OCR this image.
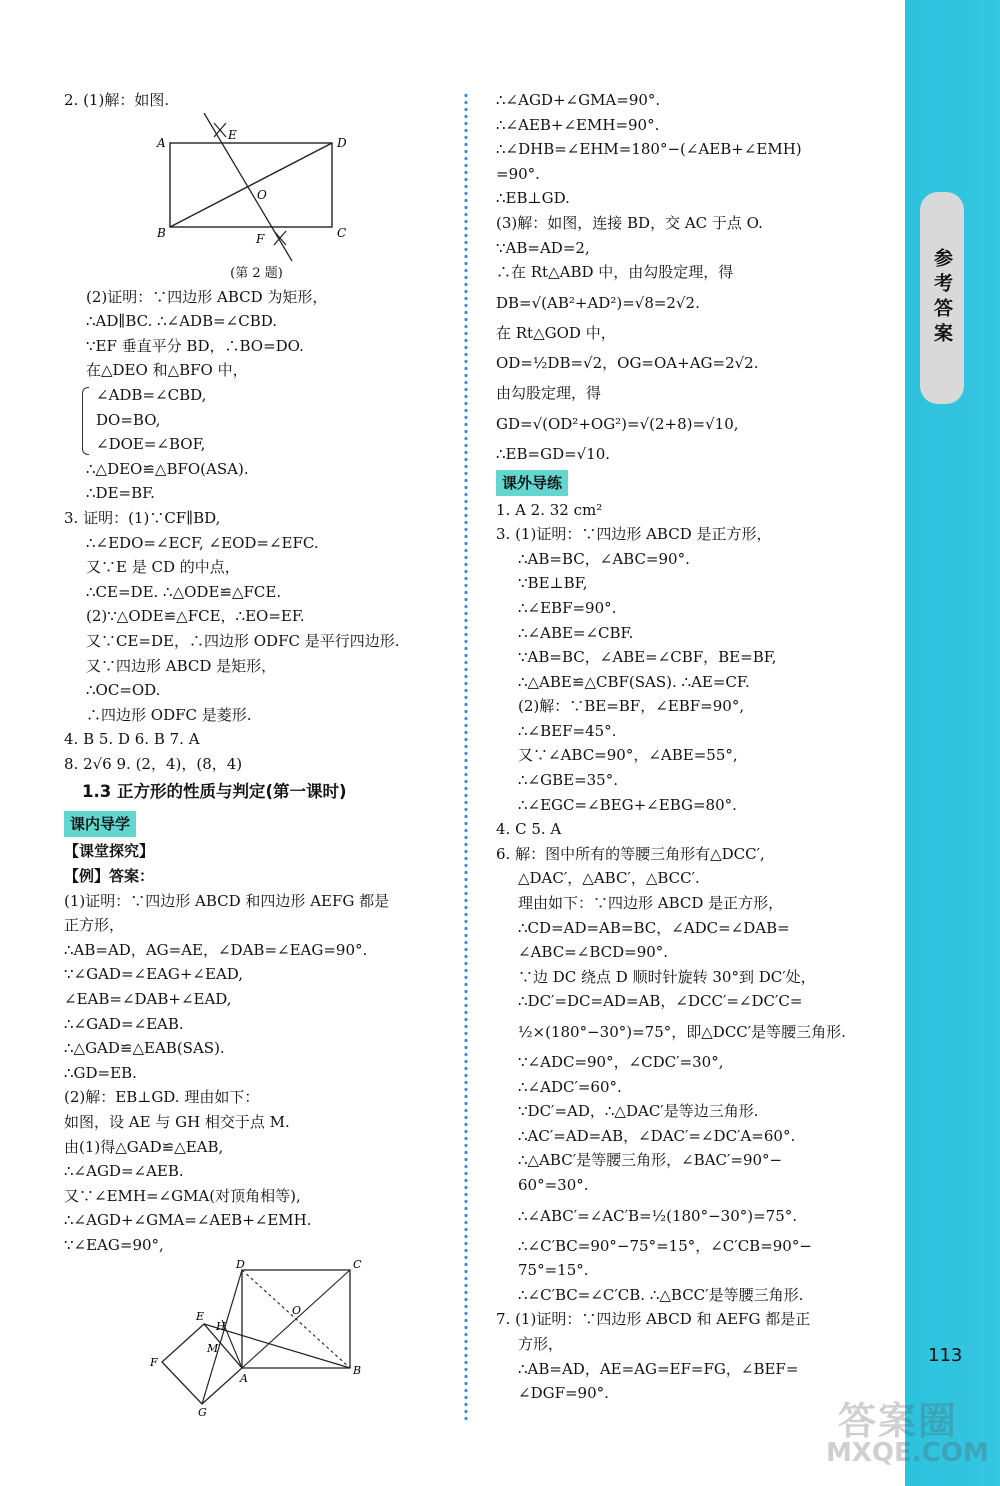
参考答案
113
2. (1)解：如图.
A	D
E
O
B	F	C
(第 2 题)
(2)证明：∵四边形 ABCD 为矩形，
∴AD∥BC. ∴∠ADB=∠CBD.
∵EF 垂直平分 BD，∴BO=DO.
在△DEO 和△BFO 中，
∠ADB=∠CBD,
DO=BO,
∠DOE=∠BOF,
∴△DEO≌△BFO(ASA).
∴DE=BF.
3. 证明：(1)∵CF∥BD,
∴∠EDO=∠ECF, ∠EOD=∠EFC.
又∵E 是 CD 的中点，
∴CE=DE. ∴△ODE≌△FCE.
(2)∵△ODE≌△FCE，∴EO=EF.
又∵CE=DE，∴四边形 ODFC 是平行四边形.
又∵四边形 ABCD 是矩形，
∴OC=OD.
∴四边形 ODFC 是菱形.
4. B 5. D 6. B 7. A
8. 2√6 9. (2，4)，(8，4)
1.3 正方形的性质与判定(第一课时)
课内导学
【课堂探究】
【例】答案：
(1)证明：∵四边形 ABCD 和四边形 AEFG 都是
正方形，
∴AB=AD，AG=AE，∠DAB=∠EAG=90°.
∵∠GAD=∠EAG+∠EAD,
∠EAB=∠DAB+∠EAD,
∴∠GAD=∠EAB.
∴△GAD≌△EAB(SAS).
∴GD=EB.
(2)解：EB⊥GD. 理由如下：
如图，设 AE 与 GH 相交于点 M.
由(1)得△GAD≌△EAB,
∴∠AGD=∠AEB.
又∵∠EMH=∠GMA(对顶角相等),
∴∠AGD+∠GMA=∠AEB+∠EMH.
∵∠EAG=90°,
D	C
E
H
O
M
F
A
B
G
∴∠AGD+∠GMA=90°.
∴∠AEB+∠EMH=90°.
∴∠DHB=∠EHM=180°−(∠AEB+∠EMH)
=90°.
∴EB⊥GD.
(3)解：如图，连接 BD，交 AC 于点 O.
∵AB=AD=2,
∴在 Rt△ABD 中，由勾股定理，得
DB=√(AB²+AD²)=√8=2√2.
在 Rt△GOD 中，
OD=½DB=√2，OG=OA+AG=2√2.
由勾股定理，得
GD=√(OD²+OG²)=√(2+8)=√10,
∴EB=GD=√10.
课外导练
1. A 2. 32 cm²
3. (1)证明：∵四边形 ABCD 是正方形，
∴AB=BC，∠ABC=90°.
∵BE⊥BF,
∴∠EBF=90°.
∴∠ABE=∠CBF.
∵AB=BC，∠ABE=∠CBF，BE=BF,
∴△ABE≌△CBF(SAS). ∴AE=CF.
(2)解：∵BE=BF，∠EBF=90°,
∴∠BEF=45°.
又∵∠ABC=90°，∠ABE=55°,
∴∠GBE=35°.
∴∠EGC=∠BEG+∠EBG=80°.
4. C 5. A
6. 解：图中所有的等腰三角形有△DCC′,
△DAC′，△ABC′，△BCC′.
理由如下：∵四边形 ABCD 是正方形，
∴CD=AD=AB=BC，∠ADC=∠DAB=
∠ABC=∠BCD=90°.
∵边 DC 绕点 D 顺时针旋转 30°到 DC′处，
∴DC′=DC=AD=AB，∠DCC′=∠DC′C=
½×(180°−30°)=75°，即△DCC′是等腰三角形.
∵∠ADC=90°，∠CDC′=30°,
∴∠ADC′=60°.
∵DC′=AD，∴△DAC′是等边三角形.
∴AC′=AD=AB，∠DAC′=∠DC′A=60°.
∴△ABC′是等腰三角形，∠BAC′=90°−
60°=30°.
∴∠ABC′=∠AC′B=½(180°−30°)=75°.
∴∠C′BC=90°−75°=15°，∠C′CB=90°−
75°=15°.
∴∠C′BC=∠C′CB. ∴△BCC′是等腰三角形.
7. (1)证明：∵四边形 ABCD 和 AEFG 都是正
方形，
∴AB=AD，AE=AG=EF=FG，∠BEF=
∠DGF=90°.
答案圈
MXQE.COM
